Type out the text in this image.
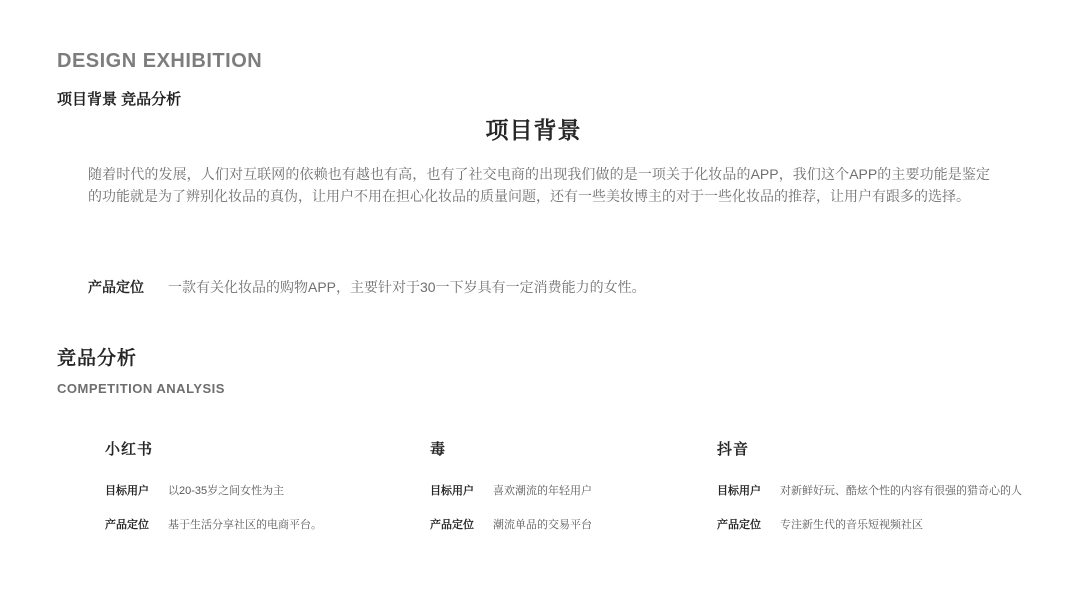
DESIGN EXHIBITION
项目背景 竞品分析
项目背景
随着时代的发展，人们对互联网的依赖也有越也有高，也有了社交电商的出现我们做的是一项关于化妆品的APP，我们这个APP的主要功能是鉴定的功能就是为了辨别化妆品的真伪，让用户不用在担心化妆品的质量问题，还有一些美妆博主的对于一些化妆品的推荐，让用户有跟多的选择。
产品定位 一款有关化妆品的购物APP，主要针对于30一下岁具有一定消费能力的女性。
竞品分析
COMPETITION ANALYSIS
小红书
目标用户 以20-35岁之间女性为主
产品定位 基于生活分享社区的电商平台。
毒
目标用户 喜欢潮流的年轻用户
产品定位 潮流单品的交易平台
抖音
目标用户 对新鲜好玩、酷炫个性的内容有很强的猎奇心的人
产品定位 专注新生代的音乐短视频社区
